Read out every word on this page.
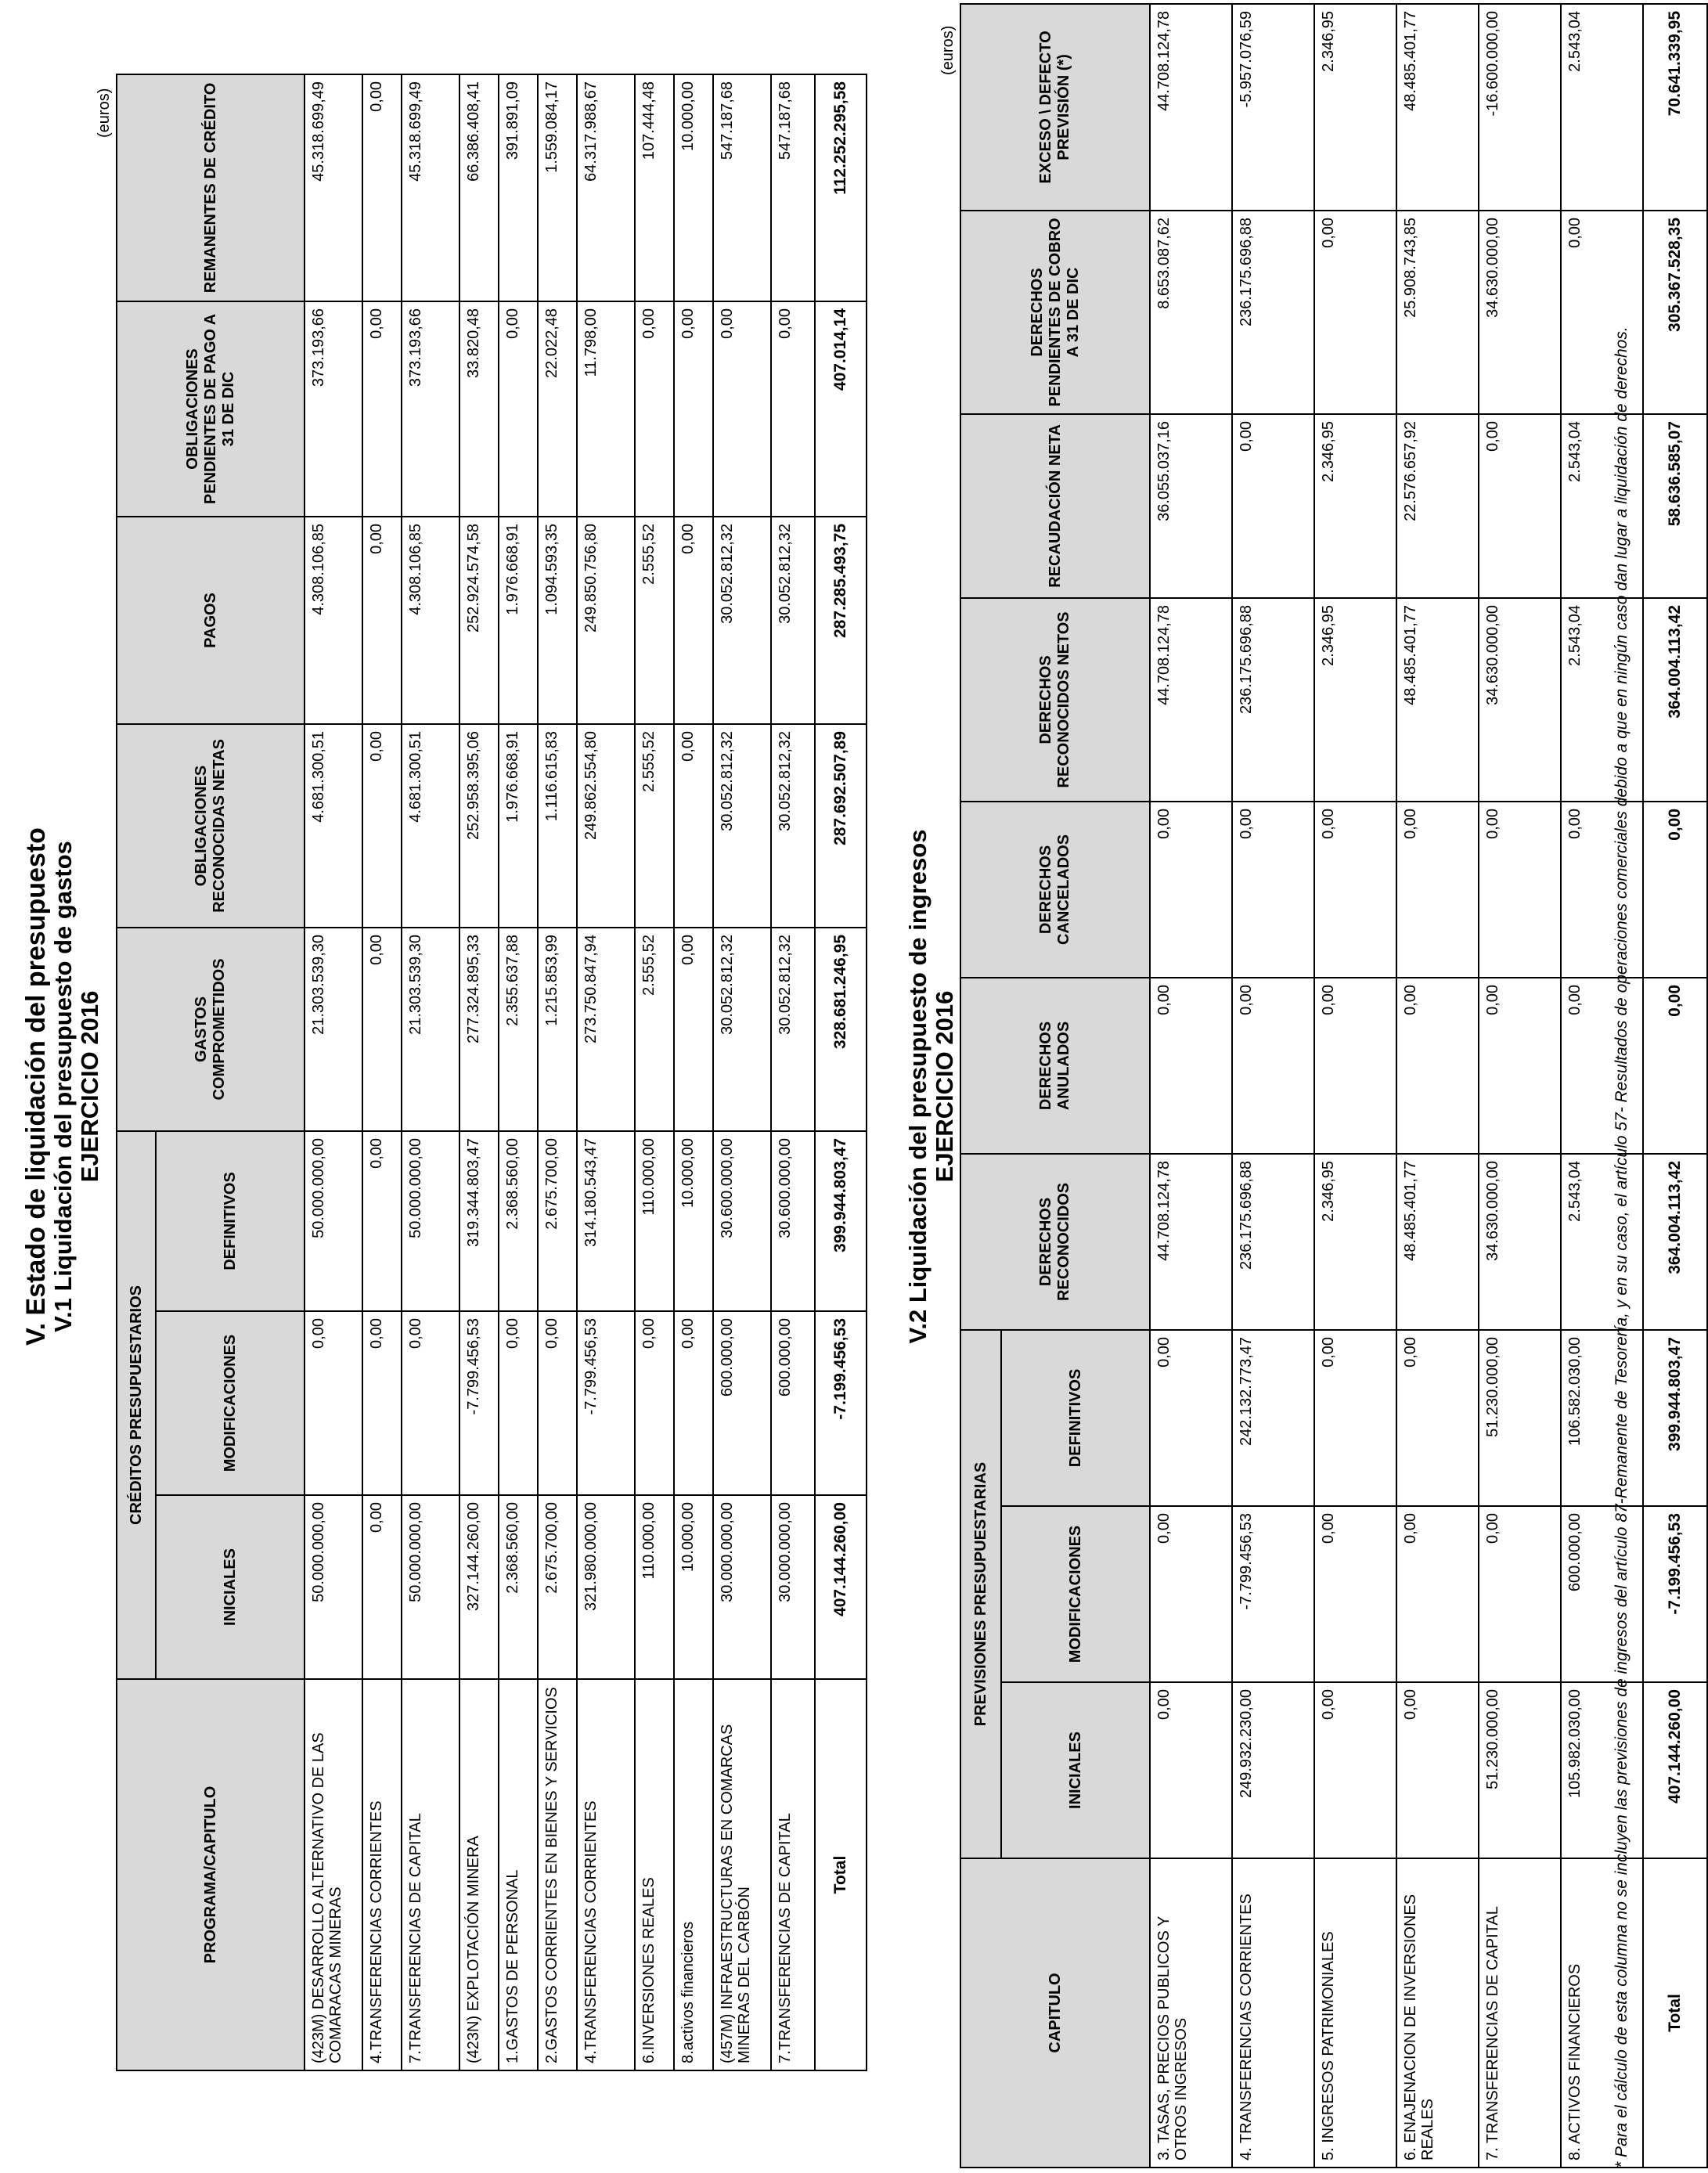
V. Estado de liquidación del presupuesto
V.1 Liquidación del presupuesto de gastos EJERCICIO 2016
(euros)
PROGRAMA/CAPITULO	CRÉDITOS PRESUPUESTARIOS			GASTOS COMPROMETIDOS	OBLIGACIONES RECONOCIDAS NETAS	PAGOS	OBLIGACIONES PENDIENTES DE PAGO A 31 DE DIC	REMANENTES DE CRÉDITO
	INICIALES	MODIFICACIONES	DEFINITIVOS					
(423M) DESARROLLO ALTERNATIVO DE LAS COMARACAS MINERAS	50.000.000,00	0,00	50.000.000,00	21.303.539,30	4.681.300,51	4.308.106,85	373.193,66	45.318.699,49
4.TRANSFERENCIAS CORRIENTES	0,00	0,00	0,00	0,00	0,00	0,00	0,00	0,00
7.TRANSFERENCIAS DE CAPITAL	50.000.000,00	0,00	50.000.000,00	21.303.539,30	4.681.300,51	4.308.106,85	373.193,66	45.318.699,49
(423N) EXPLOTACIÓN MINERA	327.144.260,00	-7.799.456,53	319.344.803,47	277.324.895,33	252.958.395,06	252.924.574,58	33.820,48	66.386.408,41
1.GASTOS DE PERSONAL	2.368.560,00	0,00	2.368.560,00	2.355.637,88	1.976.668,91	1.976.668,91	0,00	391.891,09
2.GASTOS CORRIENTES EN BIENES Y SERVICIOS	2.675.700,00	0,00	2.675.700,00	1.215.853,99	1.116.615,83	1.094.593,35	22.022,48	1.559.084,17
4.TRANSFERENCIAS CORRIENTES	321.980.000,00	-7.799.456,53	314.180.543,47	273.750.847,94	249.862.554,80	249.850.756,80	11.798,00	64.317.988,67
6.INVERSIONES REALES	110.000,00	0,00	110.000,00	2.555,52	2.555,52	2.555,52	0,00	107.444,48
8.activos financieros	10.000,00	0,00	10.000,00	0,00	0,00	0,00	0,00	10.000,00
(457M) INFRAESTRUCTURAS EN COMARCAS MINERAS DEL CARBÓN	30.000.000,00	600.000,00	30.600.000,00	30.052.812,32	30.052.812,32	30.052.812,32	0,00	547.187,68
7.TRANSFERENCIAS DE CAPITAL	30.000.000,00	600.000,00	30.600.000,00	30.052.812,32	30.052.812,32	30.052.812,32	0,00	547.187,68
Total	407.144.260,00	-7.199.456,53	399.944.803,47	328.681.246,95	287.692.507,89	287.285.493,75	407.014,14	112.252.295,58
V.2 Liquidación del presupuesto de ingresos EJERCICIO 2016
(euros)
CAPITULO	PREVISIONES PRESUPUESTARIAS			DERECHOS RECONOCIDOS	DERECHOS ANULADOS	DERECHOS CANCELADOS	DERECHOS RECONOCIDOS NETOS	RECAUDACIÓN NETA	DERECHOS PENDIENTES DE COBRO A 31 DE DIC	EXCESO \ DEFECTO PREVISIÓN (*)
	INICIALES	MODIFICACIONES	DEFINITIVOS							
3. TASAS, PRECIOS PUBLICOS Y OTROS INGRESOS	0,00	0,00	0,00	44.708.124,78	0,00	0,00	44.708.124,78	36.055.037,16	8.653.087,62	44.708.124,78
4. TRANSFERENCIAS CORRIENTES	249.932.230,00	-7.799.456,53	242.132.773,47	236.175.696,88	0,00	0,00	236.175.696,88	0,00	236.175.696,88	-5.957.076,59
5. INGRESOS PATRIMONIALES	0,00	0,00	0,00	2.346,95	0,00	0,00	2.346,95	2.346,95	0,00	2.346,95
6. ENAJENACION DE INVERSIONES REALES	0,00	0,00	0,00	48.485.401,77	0,00	0,00	48.485.401,77	22.576.657,92	25.908.743,85	48.485.401,77
7. TRANSFERENCIAS DE CAPITAL	51.230.000,00	0,00	51.230.000,00	34.630.000,00	0,00	0,00	34.630.000,00	0,00	34.630.000,00	-16.600.000,00
8. ACTIVOS FINANCIEROS	105.982.030,00	600.000,00	106.582.030,00	2.543,04	0,00	0,00	2.543,04	2.543,04	0,00	2.543,04
Total	407.144.260,00	-7.199.456,53	399.944.803,47	364.004.113,42	0,00	0,00	364.004.113,42	58.636.585,07	305.367.528,35	70.641.339,95
* Para el cálculo de esta columna no se incluyen las previsiones de ingresos del artículo 87-Remanente de Tesorería, y en su caso, el artículo 57- Resultados de operaciones comerciales debido a que en ningún caso dan lugar a liquidación de derechos.
